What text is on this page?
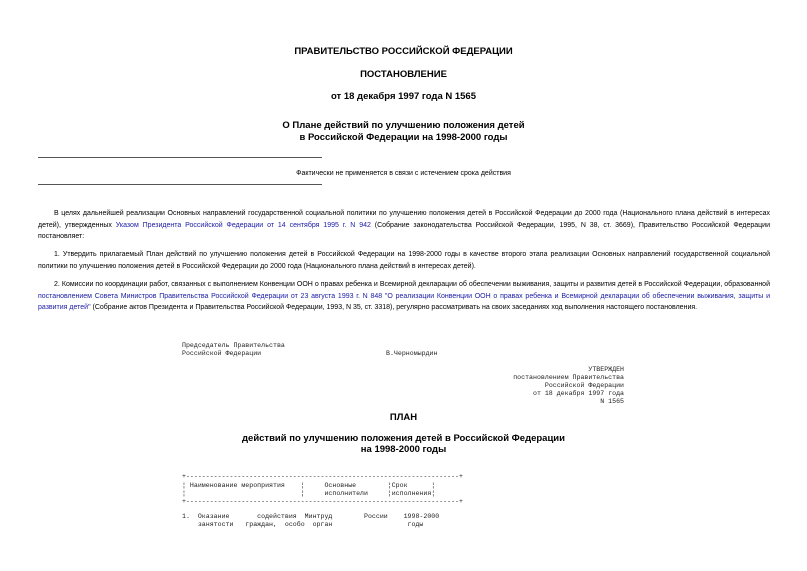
ПРАВИТЕЛЬСТВО РОССИЙСКОЙ ФЕДЕРАЦИИ
ПОСТАНОВЛЕНИЕ
от 18 декабря 1997 года N 1565
О Плане действий по улучшению положения детей
в Российской Федерации на 1998-2000 годы
Фактически не применяется в связи с истечением срока действия
В целях дальнейшей реализации Основных направлений государственной социальной политики по улучшению положения детей в Российской Федерации до 2000 года (Национального плана действий в интересах детей), утвержденных Указом Президента Российской Федерации от 14 сентября 1995 г. N 942 (Собрание законодательства Российской Федерации, 1995, N 38, ст. 3669), Правительство Российской Федерации постановляет:
1. Утвердить прилагаемый План действий по улучшению положения детей в Российской Федерации на 1998-2000 годы в качестве второго этапа реализации Основных направлений государственной социальной политики по улучшению положения детей в Российской Федерации до 2000 года (Национального плана действий в интересах детей).
2. Комиссии по координации работ, связанных с выполнением Конвенции ООН о правах ребенка и Всемирной декларации об обеспечении выживания, защиты и развития детей в Российской Федерации, образованной постановлением Совета Министров Правительства Российской Федерации от 23 августа 1993 г. N 848 "О реализации Конвенции ООН о правах ребенка и Всемирной декларации об обеспечении выживания, защиты и развития детей" (Собрание актов Президента и Правительства Российской Федерации, 1993, N 35, ст. 3318), регулярно рассматривать на своих заседаниях ход выполнения настоящего постановления.
Председатель Правительства
Российской Федерации	В.Черномырдин
УТВЕРЖДЕН
постановлением Правительства
Российской Федерации
от 18 декабря 1997 года
N 1565
ПЛАН
действий по улучшению положения детей в Российской Федерации
на 1998-2000 годы
+---------------------------------------------------------------------+
¦ Наименование мероприятия    ¦     Основные        ¦Срок      ¦
¦                             ¦     исполнители     ¦исполнения¦
+---------------------------------------------------------------------+
1.  Оказание       содействия  Минтруд        России    1998-2000
занятости   граждан,  особо  орган                   годы
